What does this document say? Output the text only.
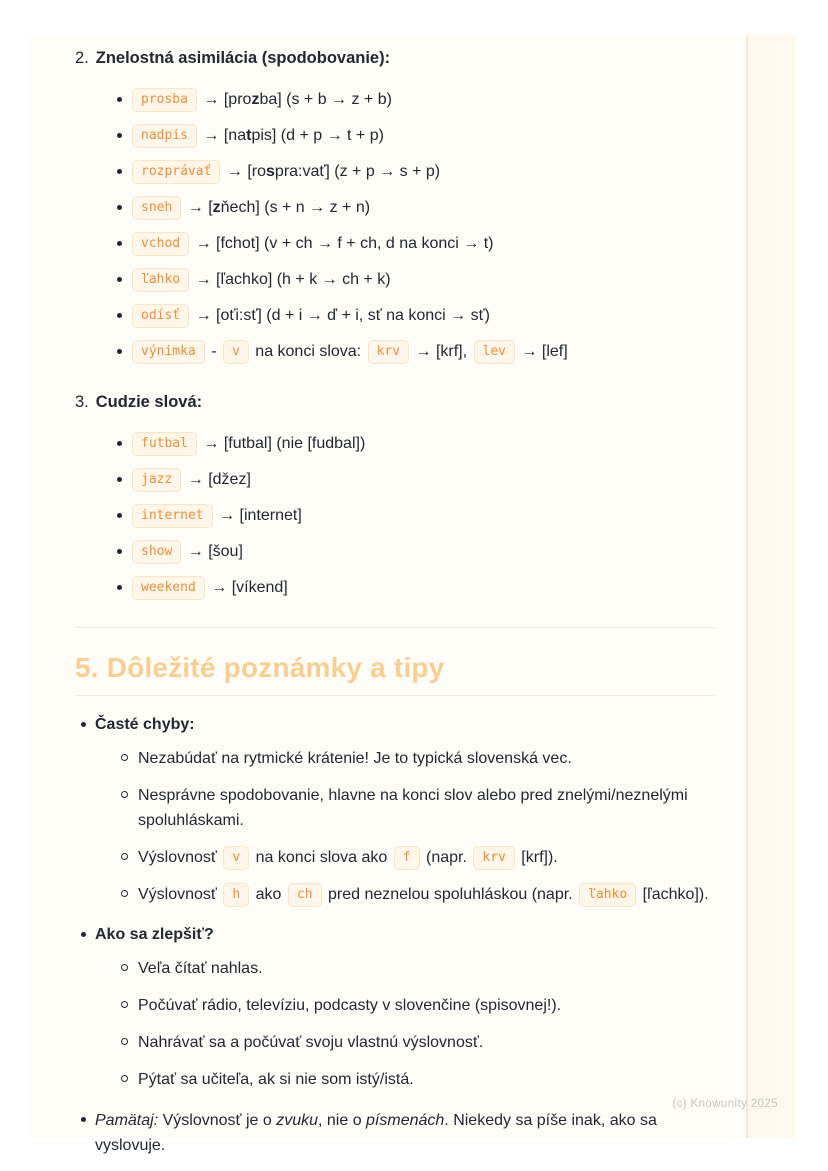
2. Znelostná asimilácia (spodobovanie):
prosba → [prozba] (s + b → z + b)
nadpis → [natpis] (d + p → t + p)
rozprávať → [rospra:vať] (z + p → s + p)
sneh → [zňech] (s + n → z + n)
vchod → [fchot] (v + ch → f + ch, d na konci → t)
ľahko → [ľachko] (h + k → ch + k)
odísť → [oťi:sť] (d + i → ď + i, sť na konci → sť)
výnimka - v na konci slova: krv → [krf], lev → [lef]
3. Cudzie slová:
futbal → [futbal] (nie [fudbal])
jazz → [džez]
internet → [internet]
show → [šou]
weekend → [víkend]
5. Dôležité poznámky a tipy
Časté chyby:
Nezabúdať na rytmické krátenie! Je to typická slovenská vec.
Nesprávne spodobovanie, hlavne na konci slov alebo pred znelými/neznelými spoluhláskami.
Výslovnosť v na konci slova ako f (napr. krv [krf]).
Výslovnosť h ako ch pred neznelou spoluhláskou (napr. ľahko [ľachko]).
Ako sa zlepšiť?
Veľa čítať nahlas.
Počúvať rádio, televíziu, podcasty v slovenčine (spisovnej!).
Nahrávať sa a počúvať svoju vlastnú výslovnosť.
Pýtať sa učiteľa, ak si nie som istý/istá.
Pamätaj: Výslovnosť je o zvuku, nie o písmenách. Niekedy sa píše inak, ako sa vyslovuje.
(c) Knowunity 2025
